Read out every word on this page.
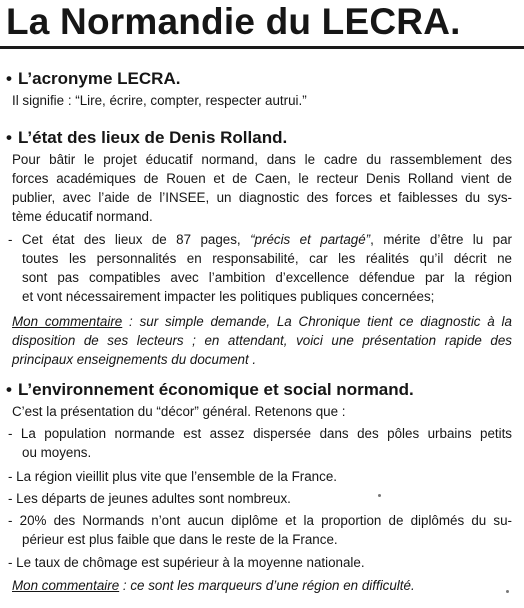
La Normandie du LECRA.
• L’acronyme LECRA.
Il signifie : “Lire, écrire, compter, respecter autrui.”
• L’état des lieux de Denis Rolland.
Pour bâtir le projet éducatif normand, dans le cadre du rassemblement des
forces académiques de Rouen et de Caen, le recteur Denis Rolland vient de
publier, avec l’aide de l’INSEE, un diagnostic des forces et faiblesses du sys-
tème éducatif normand.
- Cet état des lieux de 87 pages, “précis et partagé”, mérite d’être lu par
toutes les personnalités en responsabilité, car les réalités qu’il décrit ne
sont pas compatibles avec l’ambition d’excellence défendue par la région
et vont nécessairement impacter les politiques publiques concernées;
Mon commentaire : sur simple demande, La Chronique tient ce diagnostic à la
disposition de ses lecteurs ; en attendant, voici une présentation rapide des
principaux enseignements du document .
• L’environnement économique et social normand.
C’est la présentation du “décor” général. Retenons que :
- La population normande est assez dispersée dans des pôles urbains petits
ou moyens.
- La région vieillit plus vite que l’ensemble de la France.
- Les départs de jeunes adultes sont nombreux.
- 20% des Normands n’ont aucun diplôme et la proportion de diplômés du su-
périeur est plus faible que dans le reste de la France.
- Le taux de chômage est supérieur à la moyenne nationale.
Mon commentaire : ce sont les marqueurs d’une région en difficulté.
